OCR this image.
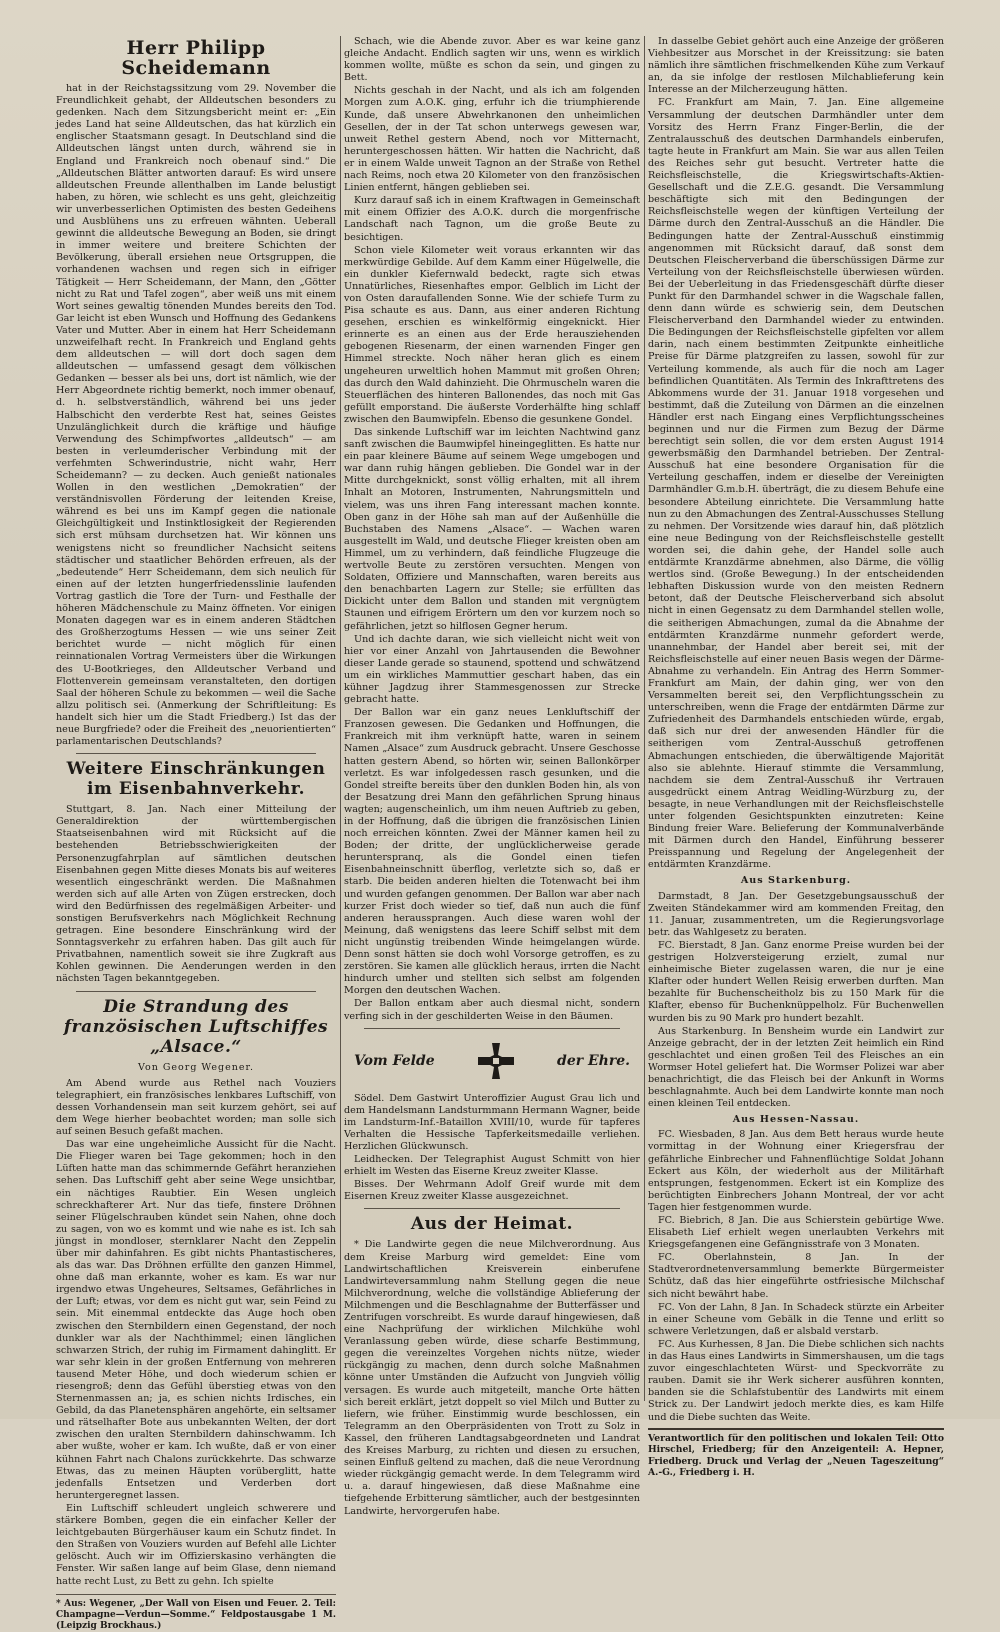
Herr Philipp Scheidemann

hat in der Reichstagssitzung vom 29. November die Freundlichkeit gehabt, der Alldeutschen besonders zu gedenken. Nach dem Sitzungsbericht meint er: „Ein jedes Land hat seine Alldeutschen, das hat kürzlich ein englischer Staatsmann gesagt. In Deutschland sind die Alldeutschen längst unten durch, während sie in England und Frankreich noch obenauf sind.“ Die „Alldeutschen Blätter antworten darauf: Es wird unsere alldeutschen Freunde allenthalben im Lande belustigt haben, zu hören, wie schlecht es uns geht, gleichzeitig wir unverbesserlichen Optimisten des besten Gedeihens und Ausblühens uns zu erfreuen wähnten. Ueberall gewinnt die alldeutsche Bewegung an Boden, sie dringt in immer weitere und breitere Schichten der Bevölkerung, überall ersiehen neue Ortsgruppen, die vorhandenen wachsen und regen sich in eifriger Tätigkeit — Herr Scheidemann, der Mann, den „Götter nicht zu Rat und Tafel zogen“, aber weiß uns mit einem Wort seines gewaltig tönenden Mundes bereits den Tod. Gar leicht ist eben Wunsch und Hoffnung des Gedankens Vater und Mutter. Aber in einem hat Herr Scheidemann unzweifelhaft recht. In Frankreich und England gehts dem alldeutschen — will dort doch sagen dem alldeutschen — umfassend gesagt dem völkischen Gedanken — besser als bei uns, dort ist nämlich, wie der Herr Abgeordnete richtig bemerkt, noch immer obenauf, d. h. selbstverständlich, während bei uns jeder Halbschicht den verderbte Rest hat, seines Geistes Unzulänglichkeit durch die kräftige und häufige Verwendung des Schimpfwortes „alldeutsch“ — am besten in verleumderischer Verbindung mit der verfehmten Schwerindustrie, nicht wahr, Herr Scheidemann? — zu decken. Auch genießt nationales Wollen in den westlichen „Demokratien“ der verständnisvollen Förderung der leitenden Kreise, während es bei uns im Kampf gegen die nationale Gleichgültigkeit und Instinktlosigkeit der Regierenden sich erst mühsam durchsetzen hat. Wir können uns wenigstens nicht so freundlicher Nachsicht seitens städtischer und staatlicher Behörden erfreuen, als der „bedeutende“ Herr Scheidemann, dem sich neulich für einen auf der letzten hungerfriedensslinie laufenden Vortrag gastlich die Tore der Turn- und Festhalle der höheren Mädchenschule zu Mainz öffneten. Vor einigen Monaten dagegen war es in einem anderen Städtchen des Großherzogtums Hessen — wie uns seiner Zeit berichtet wurde — nicht möglich für einen reinnationalen Vortrag Vermeisters über die Wirkungen des U-Bootkrieges, den Alldeutscher Verband und Flottenverein gemeinsam veranstalteten, den dortigen Saal der höheren Schule zu bekommen — weil die Sache allzu politisch sei. (Anmerkung der Schriftleitung: Es handelt sich hier um die Stadt Friedberg.) Ist das der neue Burgfriede? oder die Freiheit des „neuorientierten“ parlamentarischen Deutschlands?

Weitere Einschränkungen im Eisenbahnverkehr.

Stuttgart, 8. Jan. Nach einer Mitteilung der Generaldirektion der württembergischen Staatseisenbahnen wird mit Rücksicht auf die bestehenden Betriebsschwierigkeiten der Personenzugfahrplan auf sämtlichen deutschen Eisenbahnen gegen Mitte dieses Monats bis auf weiteres wesentlich eingeschränkt werden. Die Maßnahmen werden sich auf alle Arten von Zügen erstrecken, doch wird den Bedürfnissen des regelmäßigen Arbeiter- und sonstigen Berufsverkehrs nach Möglichkeit Rechnung getragen. Eine besondere Einschränkung wird der Sonntagsverkehr zu erfahren haben. Das gilt auch für Privatbahnen, namentlich soweit sie ihre Zugkraft aus Kohlen gewinnen. Die Aenderungen werden in den nächsten Tagen bekanntgegeben.

Die Strandung des französischen Luftschiffes „Alsace.“
Von Georg Wegener.

Am Abend wurde aus Rethel nach Vouziers telegraphiert, ein französisches lenkbares Luftschiff, von dessen Vorhandensein man seit kurzem gehört, sei auf dem Wege hierher beobachtet worden; man solle sich auf seinen Besuch gefaßt machen.

Das war eine ungeheimliche Aussicht für die Nacht. Die Flieger waren bei Tage gekommen; hoch in den Lüften hatte man das schimmernde Gefährt heranziehen sehen. Das Luftschiff geht aber seine Wege unsichtbar, ein nächtiges Raubtier. Ein Wesen ungleich schreckhafterer Art. Nur das tiefe, finstere Dröhnen seiner Flügelschrauben kündet sein Nahen, ohne doch zu sagen, von wo es kommt und wie nahe es ist. Ich sah jüngst in mondloser, sternklarer Nacht den Zeppelin über mir dahinfahren. Es gibt nichts Phantastischeres, als das war. Das Dröhnen erfüllte den ganzen Himmel, ohne daß man erkannte, woher es kam. Es war nur irgendwo etwas Ungeheures, Seltsames, Gefährliches in der Luft; etwas, vor dem es nicht gut war, sein Feind zu sein. Mit einemmal entdeckte das Auge hoch oben zwischen den Sternbildern einen Gegenstand, der noch dunkler war als der Nachthimmel; einen länglichen schwarzen Strich, der ruhig im Firmament dahinglitt. Er war sehr klein in der großen Entfernung von mehreren tausend Meter Höhe, und doch wiederum schien er riesengroß; denn das Gefühl überstieg etwas von den Sternenmassen an; ja, es schien nichts Irdisches, ein Gebild, da das Planetensphären angehörte, ein seltsamer und rätselhafter Bote aus unbekannten Welten, der dort zwischen den uralten Sternbildern dahinschwamm. Ich aber wußte, woher er kam. Ich wußte, daß er von einer kühnen Fahrt nach Chalons zurückkehrte. Das schwarze Etwas, das zu meinen Häupten vorüberglitt, hatte jedenfalls Entsetzen und Verderben dort heruntergeregnet lassen.

Ein Luftschiff schleudert ungleich schwerere und stärkere Bomben, gegen die ein einfacher Keller der leichtgebauten Bürgerhäuser kaum ein Schutz findet. In den Straßen von Vouziers wurden auf Befehl alle Lichter gelöscht. Auch wir im Offizierskasino verhängten die Fenster. Wir saßen lange auf beim Glase, denn niemand hatte recht Lust, zu Bett zu gehn. Ich spielte

* Aus: Wegener, „Der Wall von Eisen und Feuer. 2. Teil: Champagne—Verdun—Somme.“ Feldpostausgabe 1 M. (Leipzig Brockhaus.)

Schach, wie die Abende zuvor. Aber es war keine ganz gleiche Andacht. Endlich sagten wir uns, wenn es wirklich kommen wollte, müßte es schon da sein, und gingen zu Bett.

Nichts geschah in der Nacht, und als ich am folgenden Morgen zum A.O.K. ging, erfuhr ich die triumphierende Kunde, daß unsere Abwehrkanonen den unheimlichen Gesellen, der in der Tat schon unterwegs gewesen war, unweit Rethel gestern Abend, noch vor Mitternacht, heruntergeschossen hätten. Wir hatten die Nachricht, daß er in einem Walde unweit Tagnon an der Straße von Rethel nach Reims, noch etwa 20 Kilometer von den französischen Linien entfernt, hängen geblieben sei.

Kurz darauf saß ich in einem Kraftwagen in Gemeinschaft mit einem Offizier des A.O.K. durch die morgenfrische Landschaft nach Tagnon, um die große Beute zu besichtigen.

Schon viele Kilometer weit voraus erkannten wir das merkwürdige Gebilde. Auf dem Kamm einer Hügelwelle, die ein dunkler Kiefernwald bedeckt, ragte sich etwas Unnatürliches, Riesenhaftes empor. Gelblich im Licht der von Osten daraufallenden Sonne. Wie der schiefe Turm zu Pisa schaute es aus. Dann, aus einer anderen Richtung gesehen, erschien es winkelförmig eingeknickt. Hier erinnerte es an einen aus der Erde herausziehenden gebogenen Riesenarm, der einen warnenden Finger gen Himmel streckte. Noch näher heran glich es einem ungeheuren urweltlich hohen Mammut mit großen Ohren; das durch den Wald dahinzieht. Die Ohrmuscheln waren die Steuerflächen des hinteren Ballonendes, das noch mit Gas gefüllt emporstand. Die äußerste Vorderhälfte hing schlaff zwischen den Baumwipfeln. Ebenso die gesunkene Gondel.

Das sinkende Luftschiff war im leichten Nachtwind ganz sanft zwischen die Baumwipfel hineingeglitten. Es hatte nur ein paar kleinere Bäume auf seinem Wege umgebogen und war dann ruhig hängen geblieben. Die Gondel war in der Mitte durchgeknickt, sonst völlig erhalten, mit all ihrem Inhalt an Motoren, Instrumenten, Nahrungsmitteln und vielem, was uns ihren Fang interessant machen konnte. Oben ganz in der Höhe sah man auf der Außenhülle die Buchstaben des Namens „Alsace“. — Wachen waren ausgestellt im Wald, und deutsche Flieger kreisten oben am Himmel, um zu verhindern, daß feindliche Flugzeuge die wertvolle Beute zu zerstören versuchten. Mengen von Soldaten, Offiziere und Mannschaften, waren bereits aus den benachbarten Lagern zur Stelle; sie erfüllten das Dickicht unter dem Ballon und standen mit vergnügtem Staunen und eifrigem Erörtern um den vor kurzem noch so gefährlichen, jetzt so hilflosen Gegner herum.

Und ich dachte daran, wie sich vielleicht nicht weit von hier vor einer Anzahl von Jahrtausenden die Bewohner dieser Lande gerade so staunend, spottend und schwätzend um ein wirkliches Mammuttier geschart haben, das ein kühner Jagdzug ihrer Stammesgenossen zur Strecke gebracht hatte.

Der Ballon war ein ganz neues Lenkluftschiff der Franzosen gewesen. Die Gedanken und Hoffnungen, die Frankreich mit ihm verknüpft hatte, waren in seinem Namen „Alsace“ zum Ausdruck gebracht. Unsere Geschosse hatten gestern Abend, so hörten wir, seinen Ballonkörper verletzt. Es war infolgedessen rasch gesunken, und die Gondel streifte bereits über den dunklen Boden hin, als von der Besatzung drei Mann den gefährlichen Sprung hinaus wagten; augenscheinlich, um ihm neuen Auftrieb zu geben, in der Hoffnung, daß die übrigen die französischen Linien noch erreichen könnten. Zwei der Männer kamen heil zu Boden; der dritte, der unglücklicherweise gerade herunterspranq, als die Gondel einen tiefen Eisenbahneinschnitt überflog, verletzte sich so, daß er starb. Die beiden anderen hielten die Totenwacht bei ihm und wurden gefangen genommen. Der Ballon war aber nach kurzer Frist doch wieder so tief, daß nun auch die fünf anderen heraussprangen. Auch diese waren wohl der Meinung, daß wenigstens das leere Schiff selbst mit dem nicht ungünstig treibenden Winde heimgelangen würde. Denn sonst hätten sie doch wohl Vorsorge getroffen, es zu zerstören. Sie kamen alle glücklich heraus, irrten die Nacht hindurch umher und stellten sich selbst am folgenden Morgen den deutschen Wachen.

Der Ballon entkam aber auch diesmal nicht, sondern verfing sich in der geschilderten Weise in den Bäumen.

Vom Felde	der Ehre.

Södel. Dem Gastwirt Unteroffizier August Grau lich und dem Handelsmann Landsturmmann Hermann Wagner, beide im Landsturm-Inf.-Bataillon XVIII/10, wurde für tapferes Verhalten die Hessische Tapferkeitsmedaille verliehen. Herzlichen Glückwunsch.

Leidhecken. Der Telegraphist August Schmitt von hier erhielt im Westen das Eiserne Kreuz zweiter Klasse.

Bisses. Der Wehrmann Adolf Greif wurde mit dem Eisernen Kreuz zweiter Klasse ausgezeichnet.

Aus der Heimat.

* Die Landwirte gegen die neue Milchverordnung. Aus dem Kreise Marburg wird gemeldet: Eine vom Landwirtschaftlichen Kreisverein einberufene Landwirteversammlung nahm Stellung gegen die neue Milchverordnung, welche die vollständige Ablieferung der Milchmengen und die Beschlagnahme der Butterfässer und Zentrifugen vorschreibt. Es wurde darauf hingewiesen, daß eine Nachprüfung der wirklichen Milchkühe wohl Veranlassung geben würde, diese scharfe Bestimmung, gegen die vereinzeltes Vorgehen nichts nütze, wieder rückgängig zu machen, denn durch solche Maßnahmen könne unter Umständen die Aufzucht von Jungvieh völlig versagen. Es wurde auch mitgeteilt, manche Orte hätten sich bereit erklärt, jetzt doppelt so viel Milch und Butter zu liefern, wie früher. Einstimmig wurde beschlossen, ein Telegramm an den Oberpräsidenten von Trott zu Solz in Kassel, den früheren Landtagsabgeordneten und Landrat des Kreises Marburg, zu richten und diesen zu ersuchen, seinen Einfluß geltend zu machen, daß die neue Verordnung wieder rückgängig gemacht werde. In dem Telegramm wird u. a. darauf hingewiesen, daß diese Maßnahme eine tiefgehende Erbitterung sämtlicher, auch der bestgesinnten Landwirte, hervorgerufen habe.

In dasselbe Gebiet gehört auch eine Anzeige der größeren Viehbesitzer aus Morschet in der Kreissitzung: sie baten nämlich ihre sämtlichen frischmelkenden Kühe zum Verkauf an, da sie infolge der restlosen Milchablieferung kein Interesse an der Milcherzeugung hätten.

FC. Frankfurt am Main, 7. Jan. Eine allgemeine Versammlung der deutschen Darmhändler unter dem Vorsitz des Herrn Franz Finger-Berlin, die der Zentralausschuß des deutschen Darmhandels einberufen, tagte heute in Frankfurt am Main. Sie war aus allen Teilen des Reiches sehr gut besucht. Vertreter hatte die Reichsfleischstelle, die Kriegswirtschafts-Aktien-Gesellschaft und die Z.E.G. gesandt. Die Versammlung beschäftigte sich mit den Bedingungen der Reichsfleischstelle wegen der künftigen Verteilung der Därme durch den Zentral-Ausschuß an die Händler. Die Bedingungen hatte der Zentral-Ausschuß einstimmig angenommen mit Rücksicht darauf, daß sonst dem Deutschen Fleischerverband die überschüssigen Därme zur Verteilung von der Reichsfleischstelle überwiesen würden. Bei der Ueberleitung in das Friedensgeschäft dürfte dieser Punkt für den Darmhandel schwer in die Wagschale fallen, denn dann würde es schwierig sein, dem Deutschen Fleischerverband den Darmhandel wieder zu entwinden. Die Bedingungen der Reichsfleischstelle gipfelten vor allem darin, nach einem bestimmten Zeitpunkte einheitliche Preise für Därme platzgreifen zu lassen, sowohl für zur Verteilung kommende, als auch für die noch am Lager befindlichen Quantitäten. Als Termin des Inkrafttretens des Abkommens wurde der 31. Januar 1918 vorgesehen und bestimmt, daß die Zuteilung von Därmen an die einzelnen Händler erst nach Eingang eines Verpflichtungsscheines beginnen und nur die Firmen zum Bezug der Därme berechtigt sein sollen, die vor dem ersten August 1914 gewerbsmäßig den Darmhandel betrieben. Der Zentral-Ausschuß hat eine besondere Organisation für die Verteilung geschaffen, indem er dieselbe der Vereinigten Darmhändler G.m.b.H. überträgt, die zu diesem Behufe eine besondere Abteilung einrichtete. Die Versammlung hatte nun zu den Abmachungen des Zentral-Ausschusses Stellung zu nehmen. Der Vorsitzende wies darauf hin, daß plötzlich eine neue Bedingung von der Reichsfleischstelle gestellt worden sei, die dahin gehe, der Handel solle auch entdärmte Kranzdärme abnehmen, also Därme, die völlig wertlos sind. (Große Bewegung.) In der entscheidenden lebhaften Diskussion wurde von den meisten Rednern betont, daß der Deutsche Fleischerverband sich absolut nicht in einen Gegensatz zu dem Darmhandel stellen wolle, die seitherigen Abmachungen, zumal da die Abnahme der entdärmten Kranzdärme nunmehr gefordert werde, unannehmbar, der Handel aber bereit sei, mit der Reichsfleischstelle auf einer neuen Basis wegen der Därme-Abnahme zu verhandeln. Ein Antrag des Herrn Sommer-Frankfurt am Main, der dahin ging, wer von den Versammelten bereit sei, den Verpflichtungsschein zu unterschreiben, wenn die Frage der entdärmten Därme zur Zufriedenheit des Darmhandels entschieden würde, ergab, daß sich nur drei der anwesenden Händler für die seitherigen vom Zentral-Ausschuß getroffenen Abmachungen entschieden, die überwältigende Majorität also sie ablehnte. Hierauf stimmte die Versammlung, nachdem sie dem Zentral-Ausschuß ihr Vertrauen ausgedrückt einem Antrag Weidling-Würzburg zu, der besagte, in neue Verhandlungen mit der Reichsfleischstelle unter folgenden Gesichtspunkten einzutreten: Keine Bindung freier Ware. Belieferung der Kommunalverbände mit Därmen durch den Handel, Einführung besserer Preisspannung und Regelung der Angelegenheit der entdärmten Kranzdärme.

Aus Starkenburg.

Darmstadt, 8 Jan. Der Gesetzgebungsausschuß der Zweiten Ständekammer wird am kommenden Freitag, den 11. Januar, zusammentreten, um die Regierungsvorlage betr. das Wahlgesetz zu beraten.

FC. Bierstadt, 8 Jan. Ganz enorme Preise wurden bei der gestrigen Holzversteigerung erzielt, zumal nur einheimische Bieter zugelassen waren, die nur je eine Klafter oder hundert Wellen Reisig erwerben durften. Man bezahlte für Buchenscheitholz bis zu 150 Mark für die Klafter, ebenso für Buchenknüppelholz. Für Buchenwellen wurden bis zu 90 Mark pro hundert bezahlt.

Aus Starkenburg. In Bensheim wurde ein Landwirt zur Anzeige gebracht, der in der letzten Zeit heimlich ein Rind geschlachtet und einen großen Teil des Fleisches an ein Wormser Hotel geliefert hat. Die Wormser Polizei war aber benachrichtigt, die das Fleisch bei der Ankunft in Worms beschlagnahmte. Auch bei dem Landwirte konnte man noch einen kleinen Teil entdecken.

Aus Hessen-Nassau.

FC. Wiesbaden, 8 Jan. Aus dem Bett heraus wurde heute vormittag in der Wohnung einer Kriegersfrau der gefährliche Einbrecher und Fahnenflüchtige Soldat Johann Eckert aus Köln, der wiederholt aus der Militärhaft entsprungen, festgenommen. Eckert ist ein Komplize des berüchtigten Einbrechers Johann Montreal, der vor acht Tagen hier festgenommen wurde.

FC. Biebrich, 8 Jan. Die aus Schierstein gebürtige Wwe. Elisabeth Lief erhielt wegen unerlaubten Verkehrs mit Kriegsgefangenen eine Gefängnisstrafe von 3 Monaten.

FC. Oberlahnstein, 8 Jan. In der Stadtverordnetenversammlung bemerkte Bürgermeister Schütz, daß das hier eingeführte ostfriesische Milchschaf sich nicht bewährt habe.

FC. Von der Lahn, 8 Jan. In Schadeck stürzte ein Arbeiter in einer Scheune vom Gebälk in die Tenne und erlitt so schwere Verletzungen, daß er alsbald verstarb.

FC. Aus Kurhessen, 8 Jan. Die Diebe schlichen sich nachts in das Haus eines Landwirts in Simmershausen, um die tags zuvor eingeschlachteten Würst- und Speckvorräte zu rauben. Damit sie ihr Werk sicherer ausführen konnten, banden sie die Schlafstubentür des Landwirts mit einem Strick zu. Der Landwirt jedoch merkte dies, es kam Hilfe und die Diebe suchten das Weite.

Verantwortlich für den politischen und lokalen Teil: Otto Hirschel, Friedberg; für den Anzeigenteil: A. Hepner, Friedberg. Druck und Verlag der „Neuen Tageszeitung“ A.-G., Friedberg i. H.
